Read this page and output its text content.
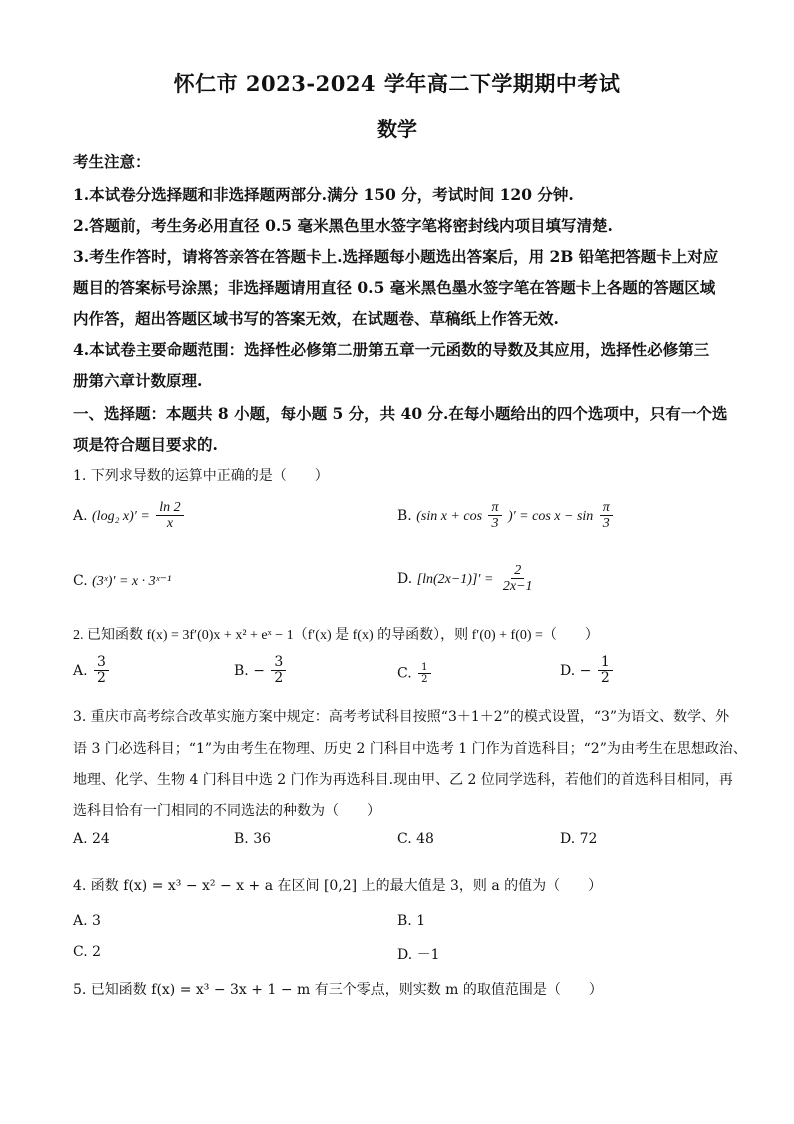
怀仁市 2023-2024 学年高二下学期期中考试
数学
考生注意：
1.本试卷分选择题和非选择题两部分.满分 150 分，考试时间 120 分钟.
2.答题前，考生务必用直径 0.5 毫米黑色里水签字笔将密封线内项目填写清楚.
3.考生作答时，请将答亲答在答题卡上.选择题每小题选出答案后，用 2B 铅笔把答题卡上对应
题目的答案标号涂黑；非选择题请用直径 0.5 毫米黑色墨水签字笔在答题卡上各题的答题区域
内作答，超出答题区域书写的答案无效，在试题卷、草稿纸上作答无效.
4.本试卷主要命题范围：选择性必修第二册第五章一元函数的导数及其应用，选择性必修第三
册第六章计数原理.
一、选择题：本题共 8 小题，每小题 5 分，共 40 分.在每小题给出的四个选项中，只有一个选
项是符合题目要求的.
1. 下列求导数的运算中正确的是（　　）
A. (log₂ $x)' = \frac{\ln 2}{x}$	B. (sin $x + \cos \frac{\pi}{3}$ )′ = $\cos x - \sin \frac{\pi}{3}$
C. (3ˣ)′ = x · 3ˣ⁻¹	D. $[\ln(2x-1)]' = \frac{2}{2x-1}$
2. 已知函数 f(x) = 3f′(0)x + x² + eˣ − 1（f′(x) 是 f(x) 的导函数），则 f′(0) + f(0) =（　　）
A. $\frac{3}{2}$	B. − $\frac{3}{2}$	C. $\frac{1}{2}$	D. − $\frac{1}{2}$
3. 重庆市高考综合改革实施方案中规定：高考考试科目按照“3＋1＋2”的模式设置，“3”为语文、数学、外
语 3 门必选科目；“1”为由考生在物理、历史 2 门科目中选考 1 门作为首选科目；“2”为由考生在思想政治、
地理、化学、生物 4 门科目中选 2 门作为再选科目.现由甲、乙 2 位同学选科，若他们的首选科目相同，再
选科目恰有一门相同的不同选法的种数为（　　）
A. 24	B. 36	C. 48	D. 72
4. 函数 f(x) = x³ − x² − x + a 在区间 [0,2] 上的最大值是 3，则 a 的值为（　　）
A. 3	B. 1
C. 2	D. －1
5. 已知函数 f(x) = x³ − 3x + 1 − m 有三个零点，则实数 m 的取值范围是（　　）
